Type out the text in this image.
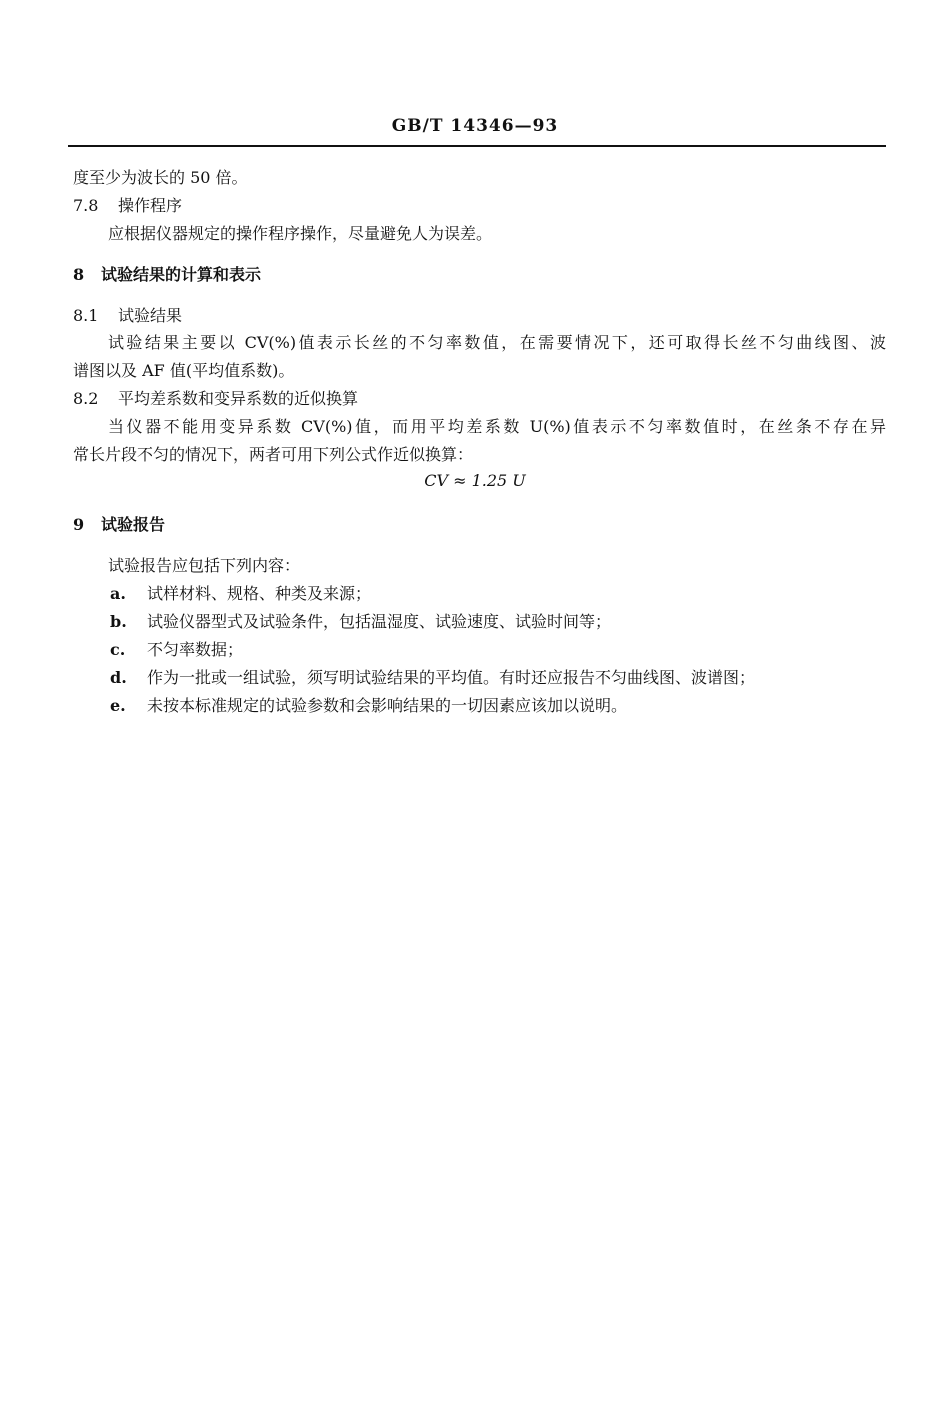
GB/T 14346—93
度至少为波长的 50 倍。
7.8 操作程序
应根据仪器规定的操作程序操作，尽量避免人为误差。
8 试验结果的计算和表示
8.1 试验结果
试验结果主要以 CV(%)值表示长丝的不匀率数值，在需要情况下，还可取得长丝不匀曲线图、波
谱图以及 AF 值(平均值系数)。
8.2 平均差系数和变异系数的近似换算
当仪器不能用变异系数 CV(%)值，而用平均差系数 U(%)值表示不匀率数值时，在丝条不存在异
常长片段不匀的情况下，两者可用下列公式作近似换算：
CV ≈ 1.25 U
9 试验报告
试验报告应包括下列内容：
a. 试样材料、规格、种类及来源；
b. 试验仪器型式及试验条件，包括温湿度、试验速度、试验时间等；
c. 不匀率数据；
d. 作为一批或一组试验，须写明试验结果的平均值。有时还应报告不匀曲线图、波谱图；
e. 未按本标准规定的试验参数和会影响结果的一切因素应该加以说明。
